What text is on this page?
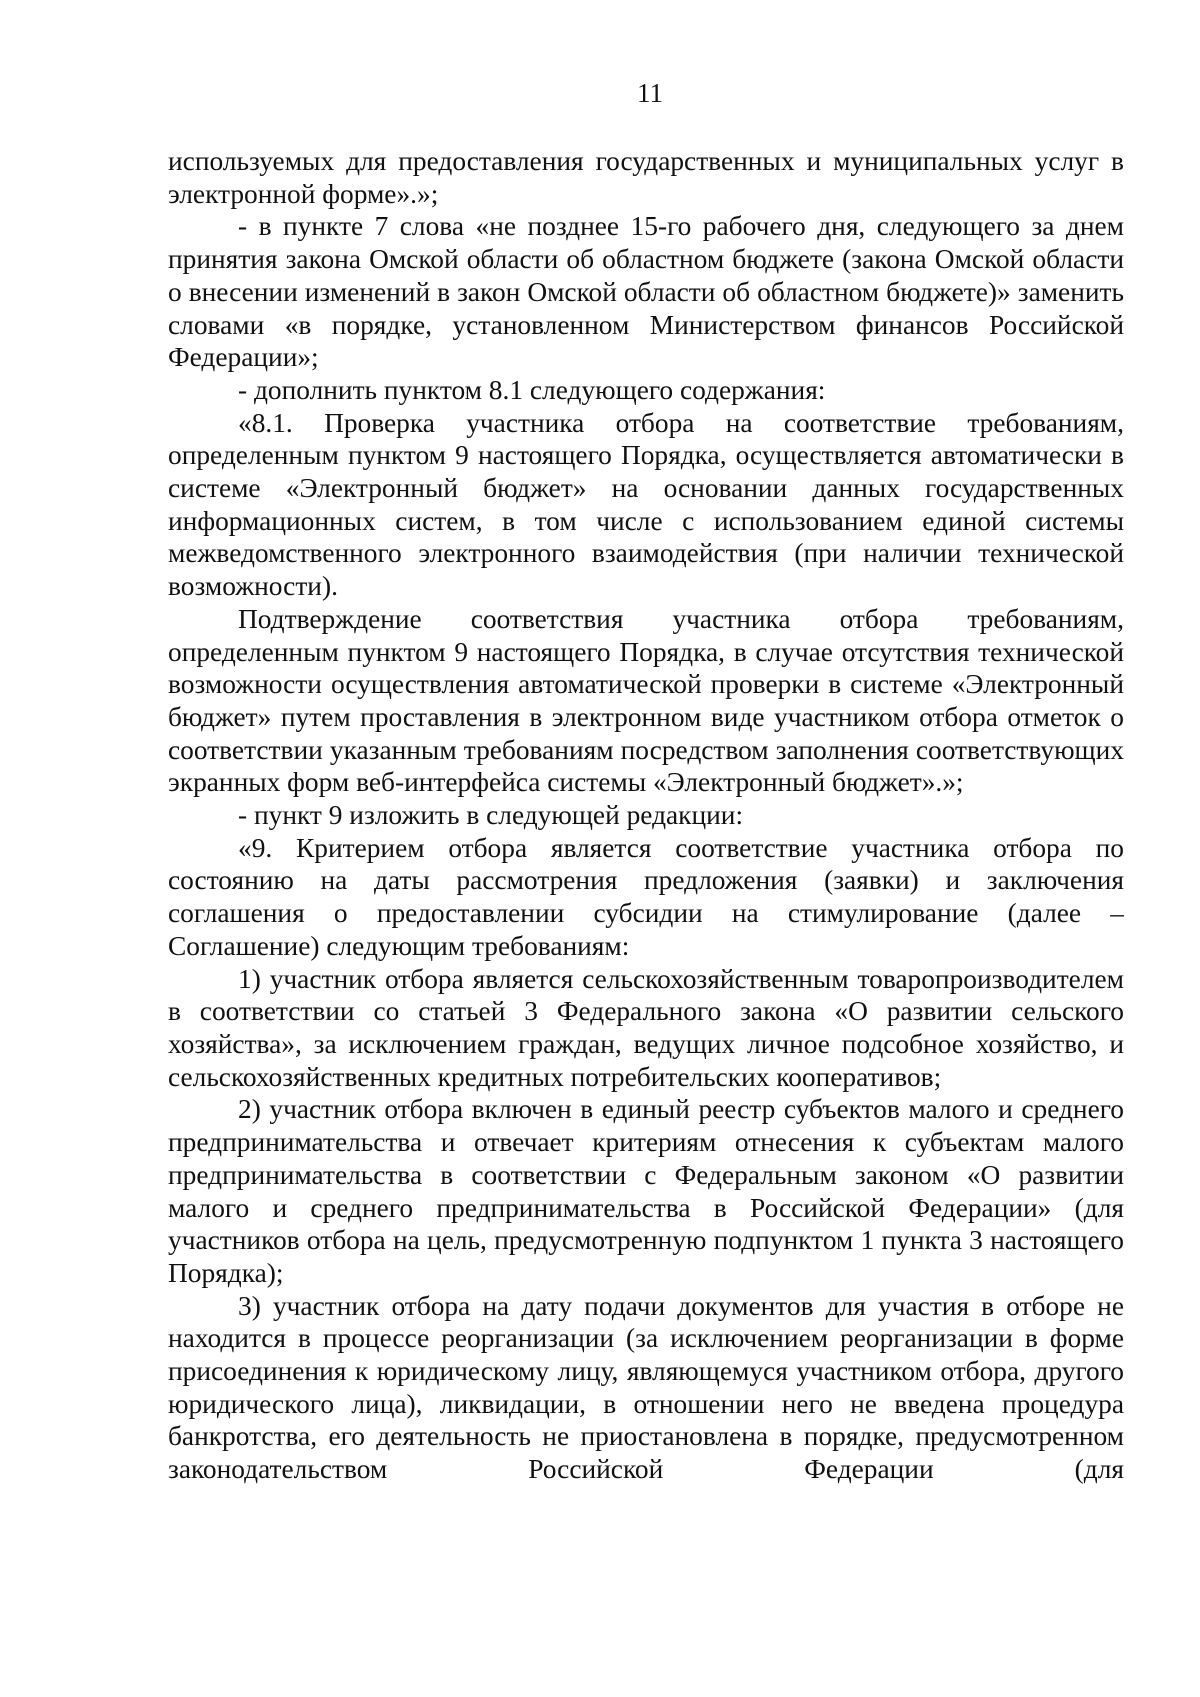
11

используемых для предоставления государственных и муниципальных услуг в электронной форме».»;

- в пункте 7 слова «не позднее 15-го рабочего дня, следующего за днем принятия закона Омской области об областном бюджете (закона Омской области о внесении изменений в закон Омской области об областном бюджете)» заменить словами «в порядке, установленном Министерством финансов Российской Федерации»;

- дополнить пунктом 8.1 следующего содержания:

«8.1. Проверка участника отбора на соответствие требованиям, определенным пунктом 9 настоящего Порядка, осуществляется автоматически в системе «Электронный бюджет» на основании данных государственных информационных систем, в том числе с использованием единой системы межведомственного электронного взаимодействия (при наличии технической возможности).

Подтверждение соответствия участника отбора требованиям, определенным пунктом 9 настоящего Порядка, в случае отсутствия технической возможности осуществления автоматической проверки в системе «Электронный бюджет» путем проставления в электронном виде участником отбора отметок о соответствии указанным требованиям посредством заполнения соответствующих экранных форм веб-интерфейса системы «Электронный бюджет».»;

- пункт 9 изложить в следующей редакции:

«9. Критерием отбора является соответствие участника отбора по состоянию на даты рассмотрения предложения (заявки) и заключения соглашения о предоставлении субсидии на стимулирование (далее – Соглашение) следующим требованиям:

1) участник отбора является сельскохозяйственным товаропроизводителем в соответствии со статьей 3 Федерального закона «О развитии сельского хозяйства», за исключением граждан, ведущих личное подсобное хозяйство, и сельскохозяйственных кредитных потребительских кооперативов;

2) участник отбора включен в единый реестр субъектов малого и среднего предпринимательства и отвечает критериям отнесения к субъектам малого предпринимательства в соответствии с Федеральным законом «О развитии малого и среднего предпринимательства в Российской Федерации» (для участников отбора на цель, предусмотренную подпунктом 1 пункта 3 настоящего Порядка);

3) участник отбора на дату подачи документов для участия в отборе не находится в процессе реорганизации (за исключением реорганизации в форме присоединения к юридическому лицу, являющемуся участником отбора, другого юридического лица), ликвидации, в отношении него не введена процедура банкротства, его деятельность не приостановлена в порядке, предусмотренном законодательством Российской Федерации (для
